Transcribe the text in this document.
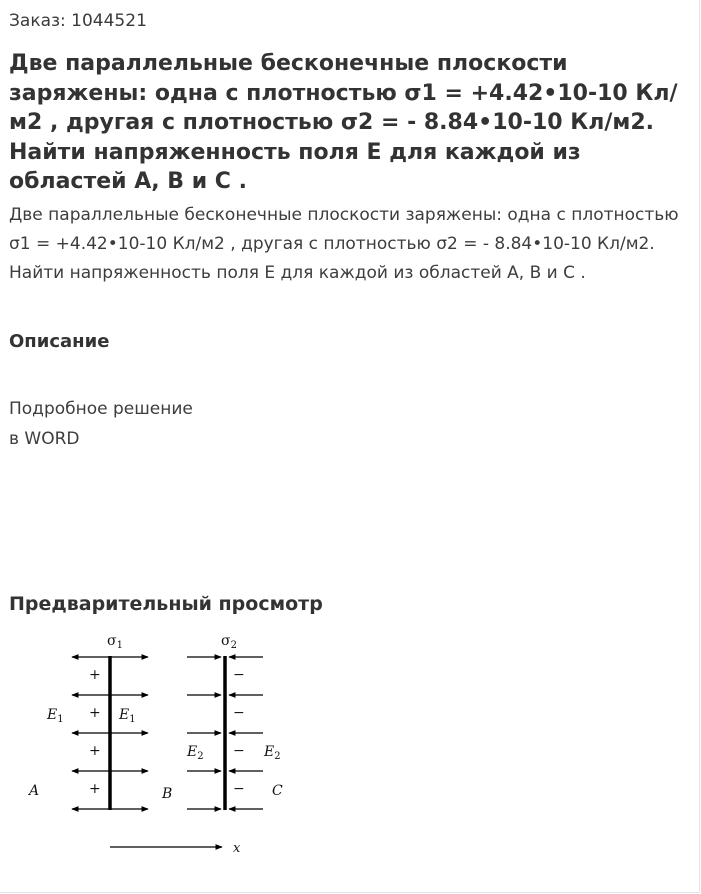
Заказ: 1044521
Две параллельные бесконечные плоскости заряжены: одна с плотностью σ1 = +4.42•10-10 Кл/м2 , другая с плотностью σ2 = - 8.84•10-10 Кл/м2. Найти напряженность поля Е для каждой из областей А, В и С .

Две параллельные бесконечные плоскости заряжены: одна с плотностью σ1 = +4.42•10-10 Кл/м2 , другая с плотностью σ2 = - 8.84•10-10 Кл/м2. Найти напряженность поля Е для каждой из областей А, В и С .

Описание
Подробное решение
в WORD
Предварительный просмотр
$\sigma_1$	$\sigma_2$
+
+
+
+
−
−
−
−
$E_1$	$E_1$
$E_2$	$E_2$
A	B	C
x
